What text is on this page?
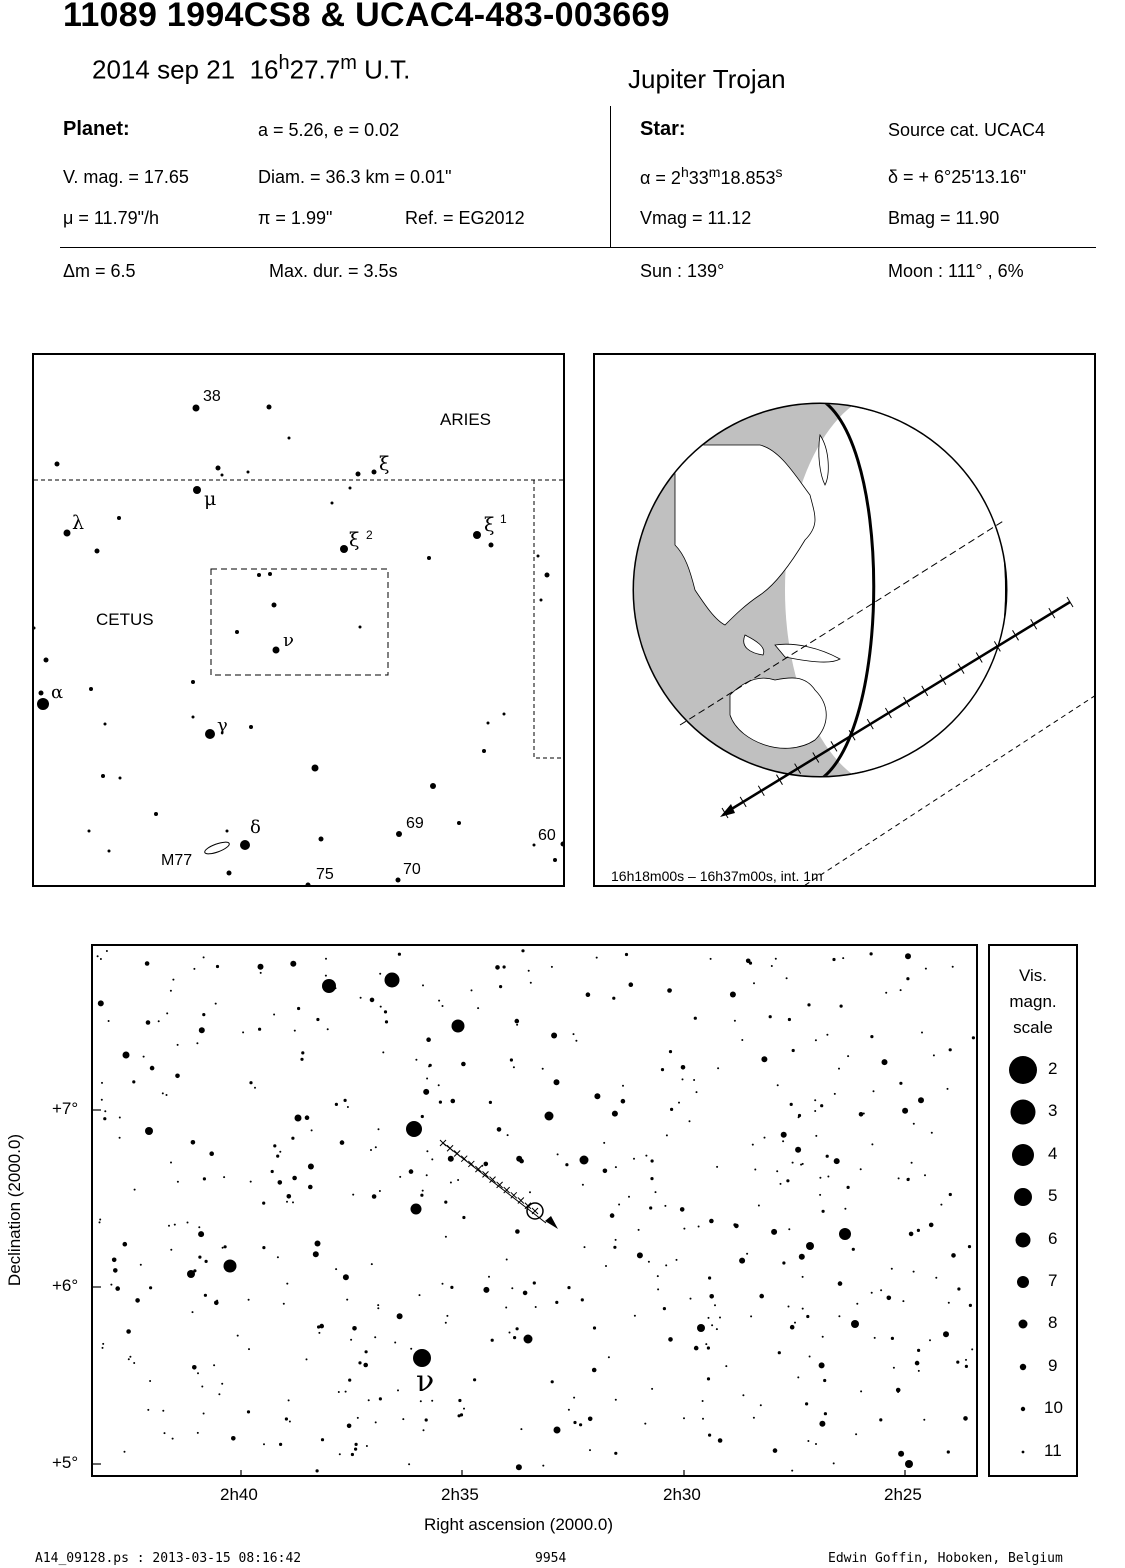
11089 1994CS8 & UCAC4-483-003669
2014 sep 21 16$^h$27.7$^m$ U.T.	Jupiter Trojan
Planet:	a = 5.26, e = 0.02
V. mag. = 17.65	Diam. = 36.3 km = 0.01"
μ = 11.79"/h	π = 1.99"	Ref. = EG2012
Star:	Source cat. UCAC4
$\alpha = 2^h33^m18.853^s$	δ = + 6°25'13.16"
Vmag = 11.12	Bmag = 11.90
Δm = 6.5	Max. dur. = 3.5s	Sun : 139°	Moon : 111° , 6%
38
ARIES
ξ
μ
λ
ξ 2	ξ 1
CETUS
ν
α
γ
δ	69
60
M77
75	70	16h18m00s – 16h37m00s, int. 1m
ν
+7°
+6°
+5°
2h40	2h35	2h30	2h25
Declination (2000.0)
Right ascension (2000.0)
Vis.
magn.
scale
2
3
4
5
6
7
8
9
10
11
A14_09128.ps : 2013-03-15 08:16:42	9954	Edwin Goffin, Hoboken, Belgium
